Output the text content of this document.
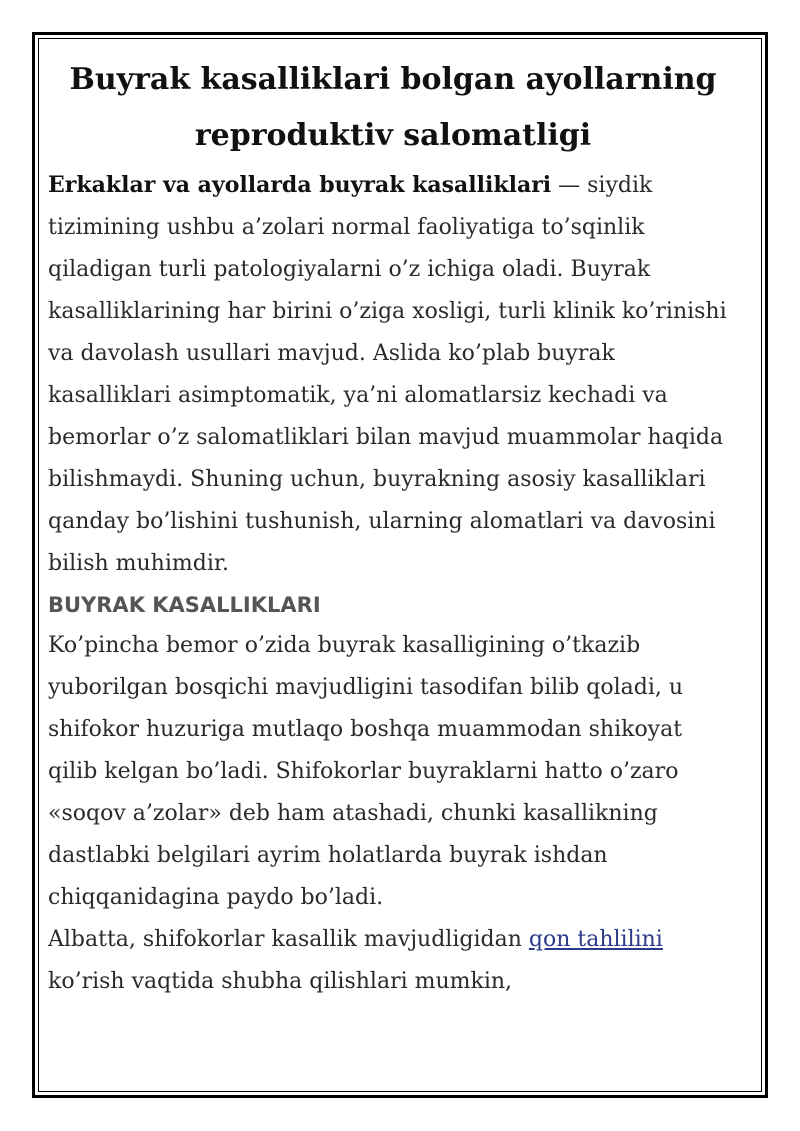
Buyrak kasalliklari bolgan ayollarning reproduktiv salomatligi

Erkaklar va ayollarda buyrak kasalliklari — siydik tizimining ushbu a’zolari normal faoliyatiga to’sqinlik qiladigan turli patologiyalarni o’z ichiga oladi. Buyrak kasalliklarining har birini o’ziga xosligi, turli klinik ko’rinishi va davolash usullari mavjud. Aslida ko’plab buyrak kasalliklari asimptomatik, ya’ni alomatlarsiz kechadi va bemorlar o’z salomatliklari bilan mavjud muammolar haqida bilishmaydi. Shuning uchun, buyrakning asosiy kasalliklari qanday bo’lishini tushunish, ularning alomatlari va davosini bilish muhimdir.

BUYRAK KASALLIKLARI

Ko’pincha bemor o’zida buyrak kasalligining o’tkazib yuborilgan bosqichi mavjudligini tasodifan bilib qoladi, u shifokor huzuriga mutlaqo boshqa muammodan shikoyat qilib kelgan bo’ladi. Shifokorlar buyraklarni hatto o’zaro «soqov a’zolar» deb ham atashadi, chunki kasallikning dastlabki belgilari ayrim holatlarda buyrak ishdan chiqqanidagina paydo bo’ladi.

Albatta, shifokorlar kasallik mavjudligidan qon tahlilini ko’rish vaqtida shubha qilishlari mumkin,
